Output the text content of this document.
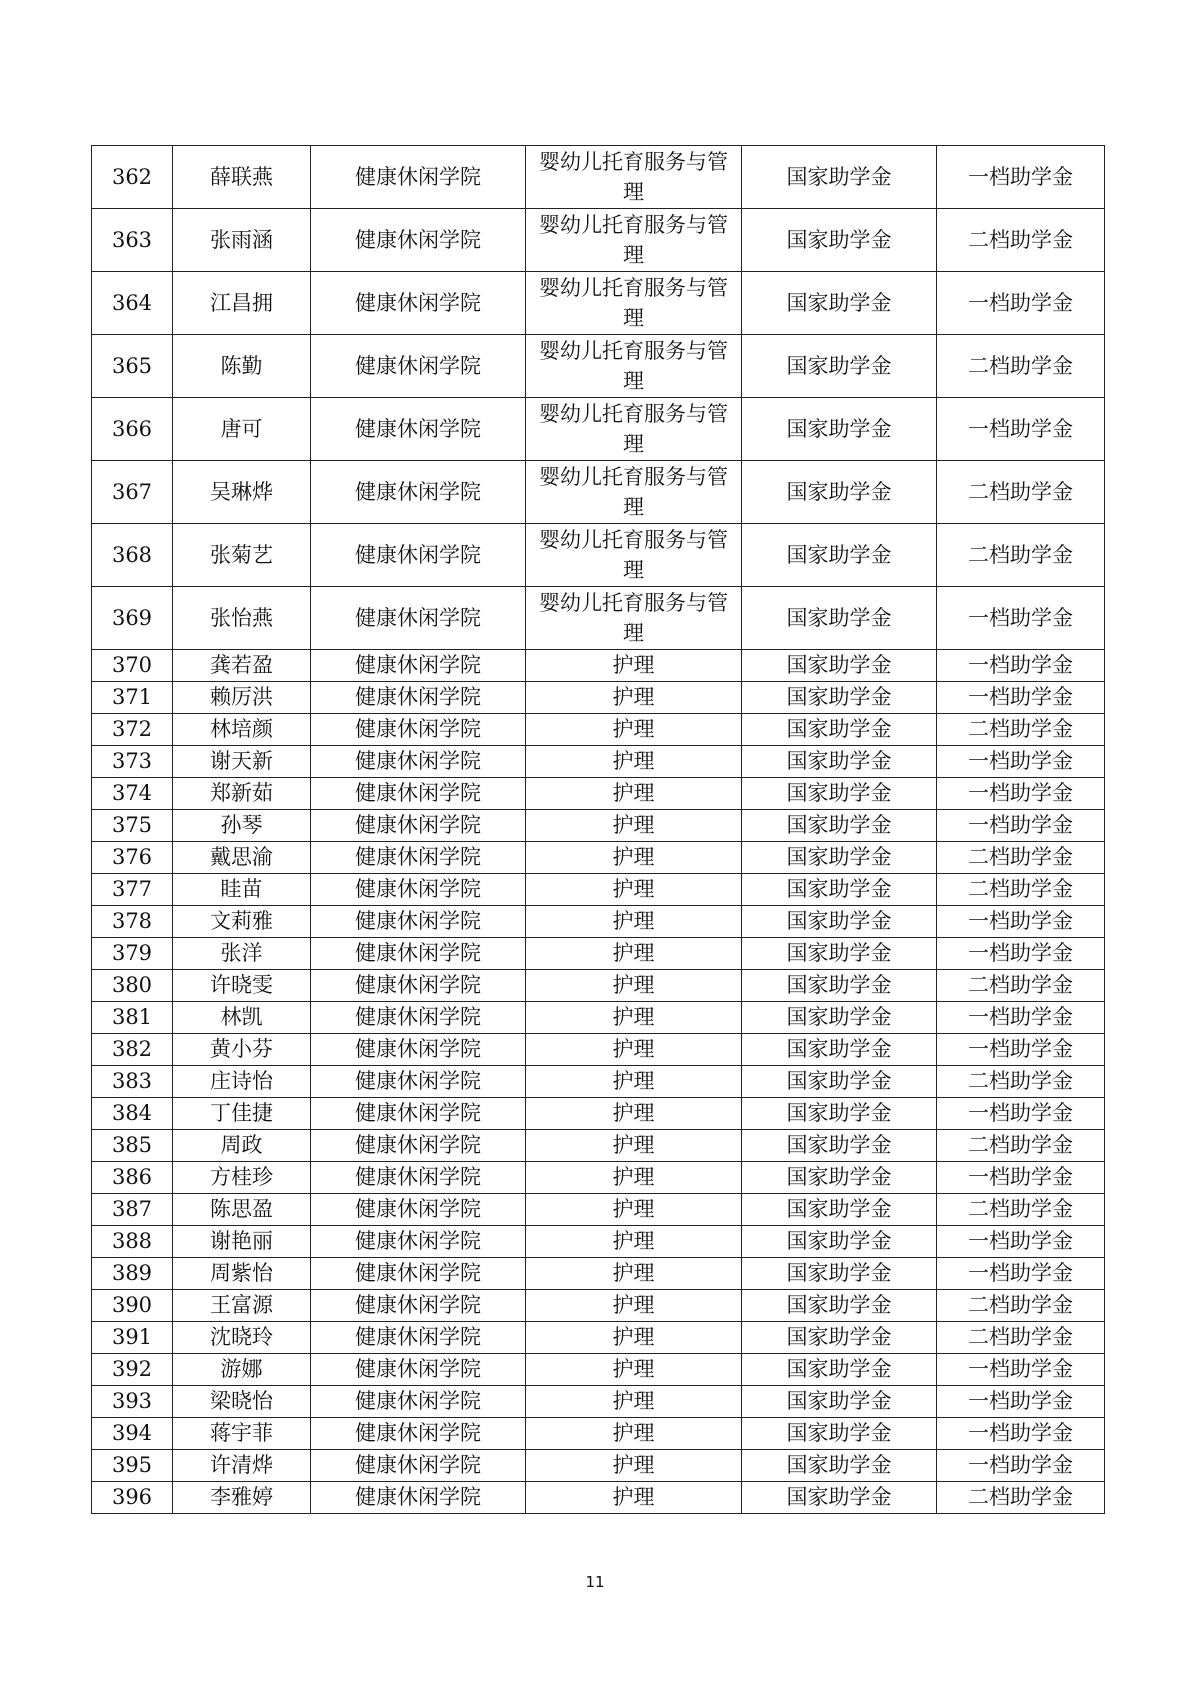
362	薛联燕	健康休闲学院	婴幼儿托育服务与管理	国家助学金	一档助学金
363	张雨涵	健康休闲学院	婴幼儿托育服务与管理	国家助学金	二档助学金
364	江昌拥	健康休闲学院	婴幼儿托育服务与管理	国家助学金	一档助学金
365	陈勤	健康休闲学院	婴幼儿托育服务与管理	国家助学金	二档助学金
366	唐可	健康休闲学院	婴幼儿托育服务与管理	国家助学金	一档助学金
367	吴琳烨	健康休闲学院	婴幼儿托育服务与管理	国家助学金	二档助学金
368	张菊艺	健康休闲学院	婴幼儿托育服务与管理	国家助学金	二档助学金
369	张怡燕	健康休闲学院	婴幼儿托育服务与管理	国家助学金	一档助学金
370	龚若盈	健康休闲学院	护理	国家助学金	一档助学金
371	赖厉洪	健康休闲学院	护理	国家助学金	一档助学金
372	林培颜	健康休闲学院	护理	国家助学金	二档助学金
373	谢天新	健康休闲学院	护理	国家助学金	一档助学金
374	郑新茹	健康休闲学院	护理	国家助学金	一档助学金
375	孙琴	健康休闲学院	护理	国家助学金	一档助学金
376	戴思渝	健康休闲学院	护理	国家助学金	二档助学金
377	眭苗	健康休闲学院	护理	国家助学金	二档助学金
378	文莉雅	健康休闲学院	护理	国家助学金	一档助学金
379	张洋	健康休闲学院	护理	国家助学金	一档助学金
380	许晓雯	健康休闲学院	护理	国家助学金	二档助学金
381	林凯	健康休闲学院	护理	国家助学金	一档助学金
382	黄小芬	健康休闲学院	护理	国家助学金	一档助学金
383	庄诗怡	健康休闲学院	护理	国家助学金	二档助学金
384	丁佳捷	健康休闲学院	护理	国家助学金	一档助学金
385	周政	健康休闲学院	护理	国家助学金	二档助学金
386	方桂珍	健康休闲学院	护理	国家助学金	一档助学金
387	陈思盈	健康休闲学院	护理	国家助学金	二档助学金
388	谢艳丽	健康休闲学院	护理	国家助学金	一档助学金
389	周紫怡	健康休闲学院	护理	国家助学金	一档助学金
390	王富源	健康休闲学院	护理	国家助学金	二档助学金
391	沈晓玲	健康休闲学院	护理	国家助学金	二档助学金
392	游娜	健康休闲学院	护理	国家助学金	一档助学金
393	梁晓怡	健康休闲学院	护理	国家助学金	一档助学金
394	蒋宇菲	健康休闲学院	护理	国家助学金	一档助学金
395	许清烨	健康休闲学院	护理	国家助学金	一档助学金
396	李雅婷	健康休闲学院	护理	国家助学金	二档助学金
11
